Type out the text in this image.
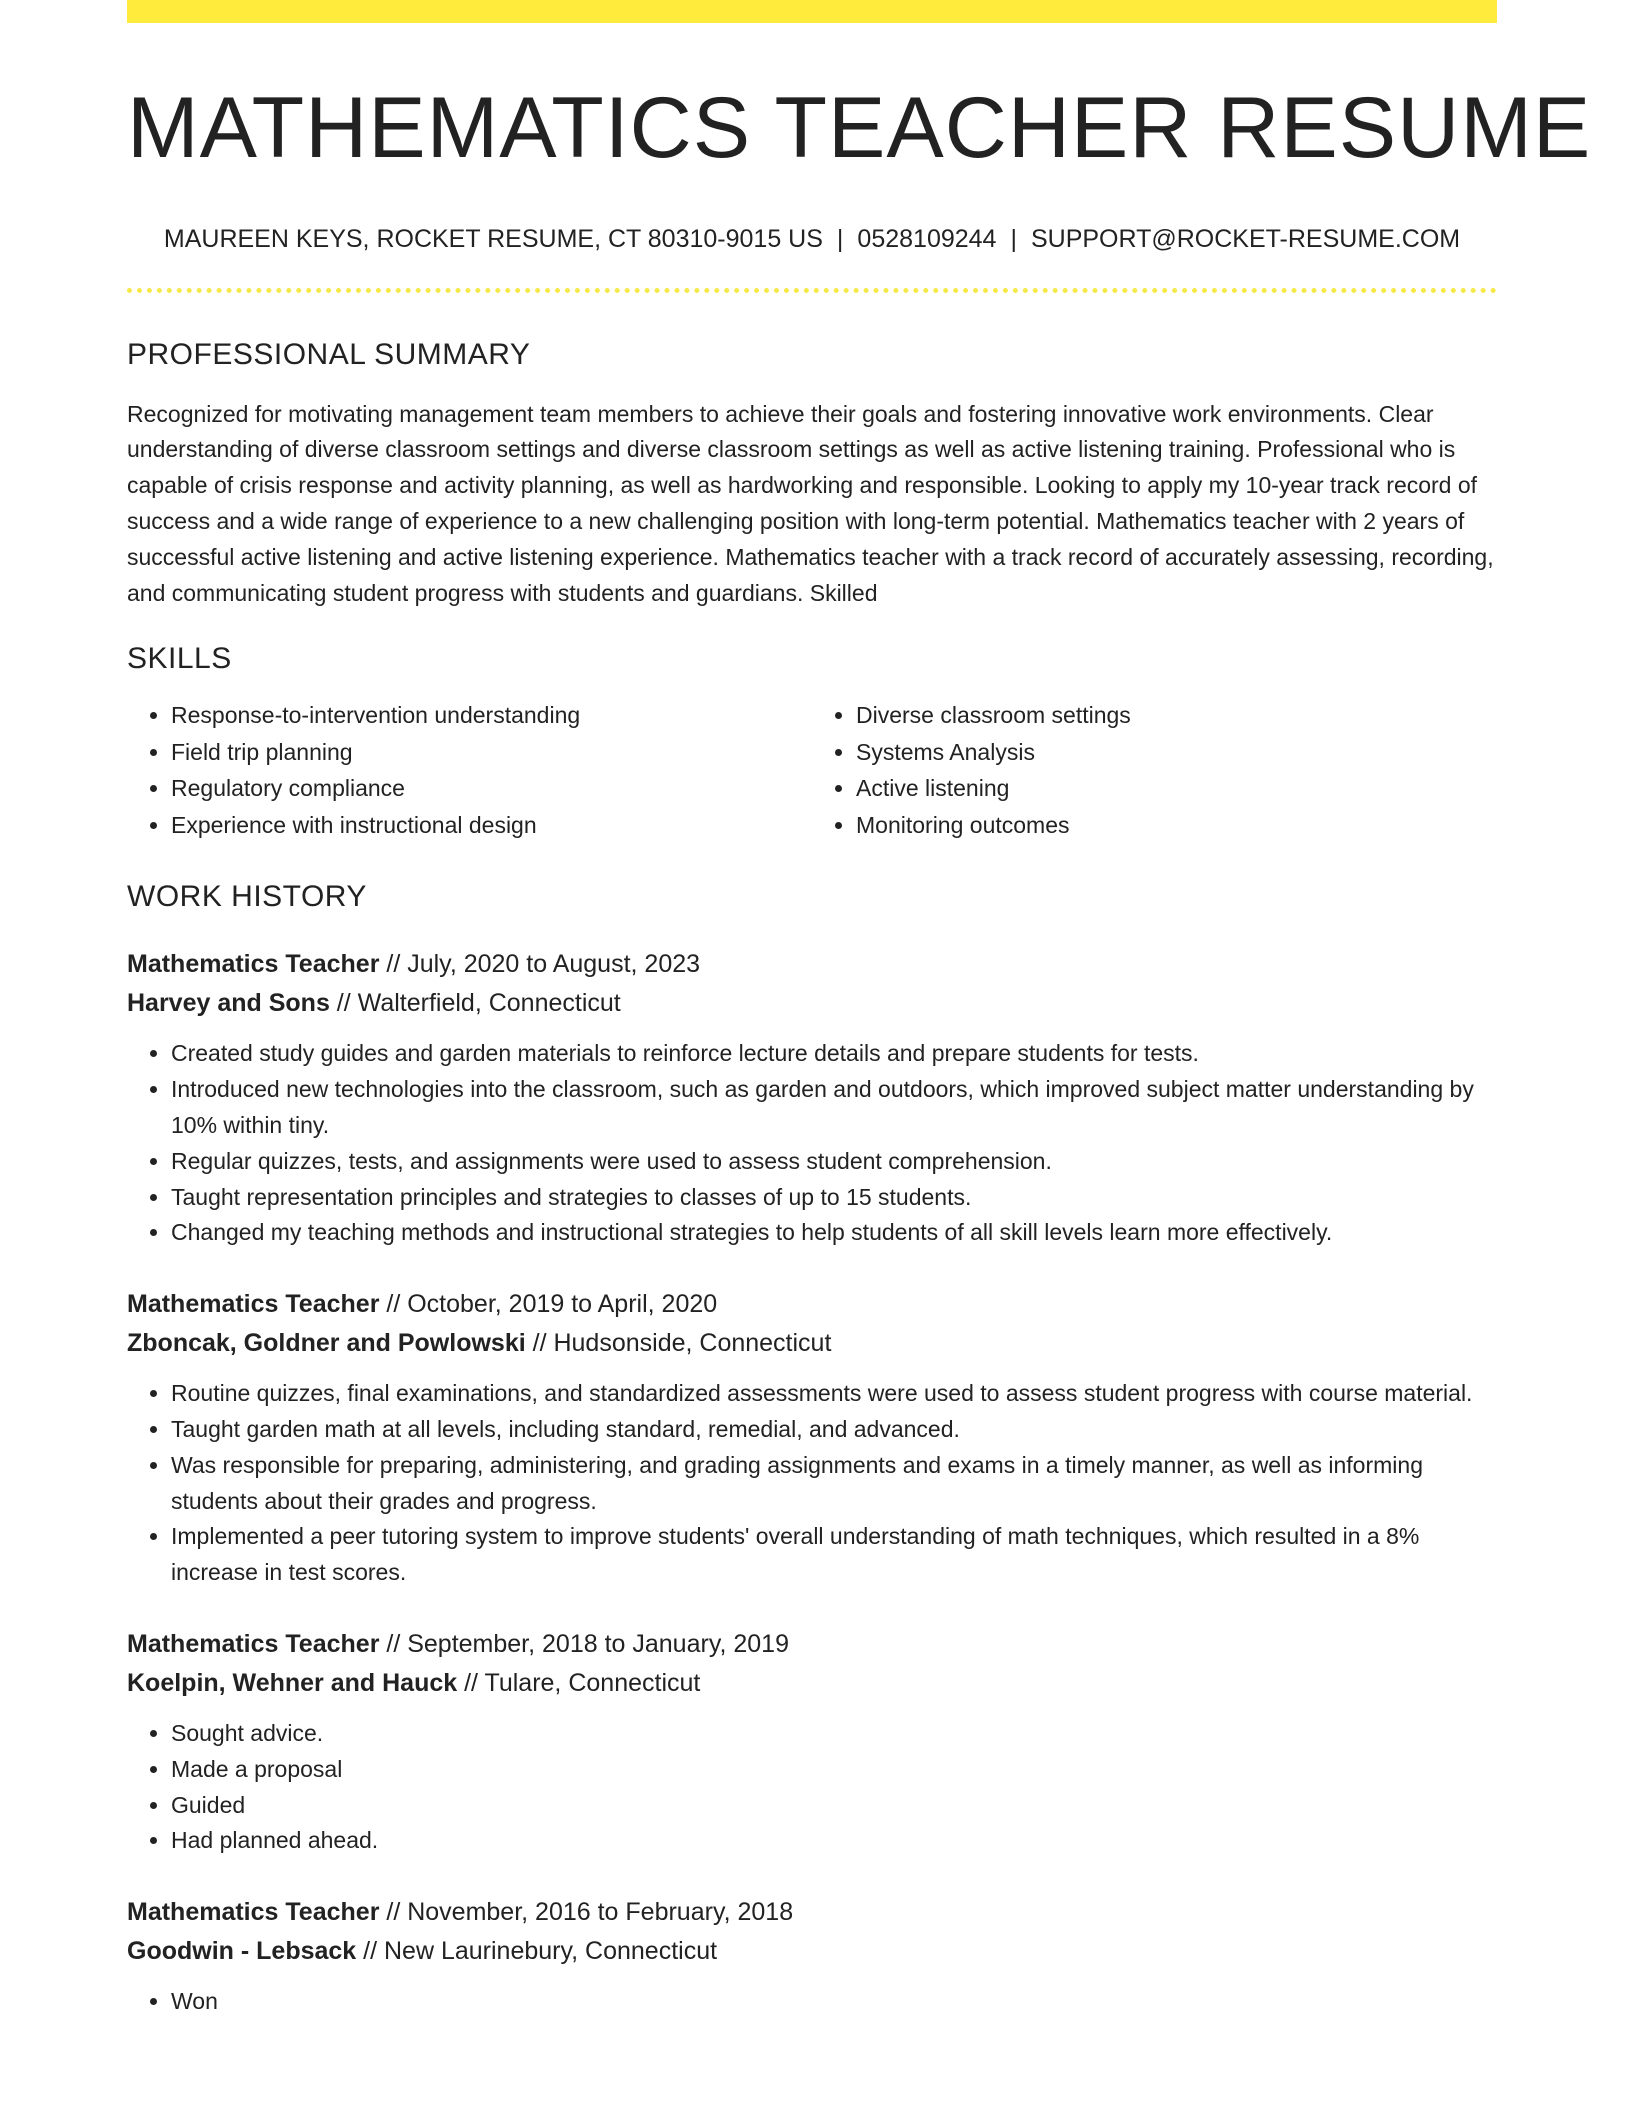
MATHEMATICS TEACHER RESUME
MAUREEN KEYS, ROCKET RESUME, CT 80310-9015 US | 0528109244 | SUPPORT@ROCKET-RESUME.COM
PROFESSIONAL SUMMARY

Recognized for motivating management team members to achieve their goals and fostering innovative work environments. Clear understanding of diverse classroom settings and diverse classroom settings as well as active listening training. Professional who is capable of crisis response and activity planning, as well as hardworking and responsible. Looking to apply my 10-year track record of success and a wide range of experience to a new challenging position with long-term potential. Mathematics teacher with 2 years of successful active listening and active listening experience. Mathematics teacher with a track record of accurately assessing, recording, and communicating student progress with students and guardians. Skilled

SKILLS
• Response-to-intervention understanding
• Field trip planning
• Regulatory compliance
• Experience with instructional design
• Diverse classroom settings
• Systems Analysis
• Active listening
• Monitoring outcomes
WORK HISTORY
Mathematics Teacher // July, 2020 to August, 2023
Harvey and Sons // Walterfield, Connecticut
• Created study guides and garden materials to reinforce lecture details and prepare students for tests.
• Introduced new technologies into the classroom, such as garden and outdoors, which improved subject matter understanding by 10% within tiny.
• Regular quizzes, tests, and assignments were used to assess student comprehension.
• Taught representation principles and strategies to classes of up to 15 students.
• Changed my teaching methods and instructional strategies to help students of all skill levels learn more effectively.
Mathematics Teacher // October, 2019 to April, 2020
Zboncak, Goldner and Powlowski // Hudsonside, Connecticut
• Routine quizzes, final examinations, and standardized assessments were used to assess student progress with course material.
• Taught garden math at all levels, including standard, remedial, and advanced.
• Was responsible for preparing, administering, and grading assignments and exams in a timely manner, as well as informing students about their grades and progress.
• Implemented a peer tutoring system to improve students' overall understanding of math techniques, which resulted in a 8% increase in test scores.
Mathematics Teacher // September, 2018 to January, 2019
Koelpin, Wehner and Hauck // Tulare, Connecticut
• Sought advice.
• Made a proposal
• Guided
• Had planned ahead.
Mathematics Teacher // November, 2016 to February, 2018
Goodwin - Lebsack // New Laurinebury, Connecticut
• Won
